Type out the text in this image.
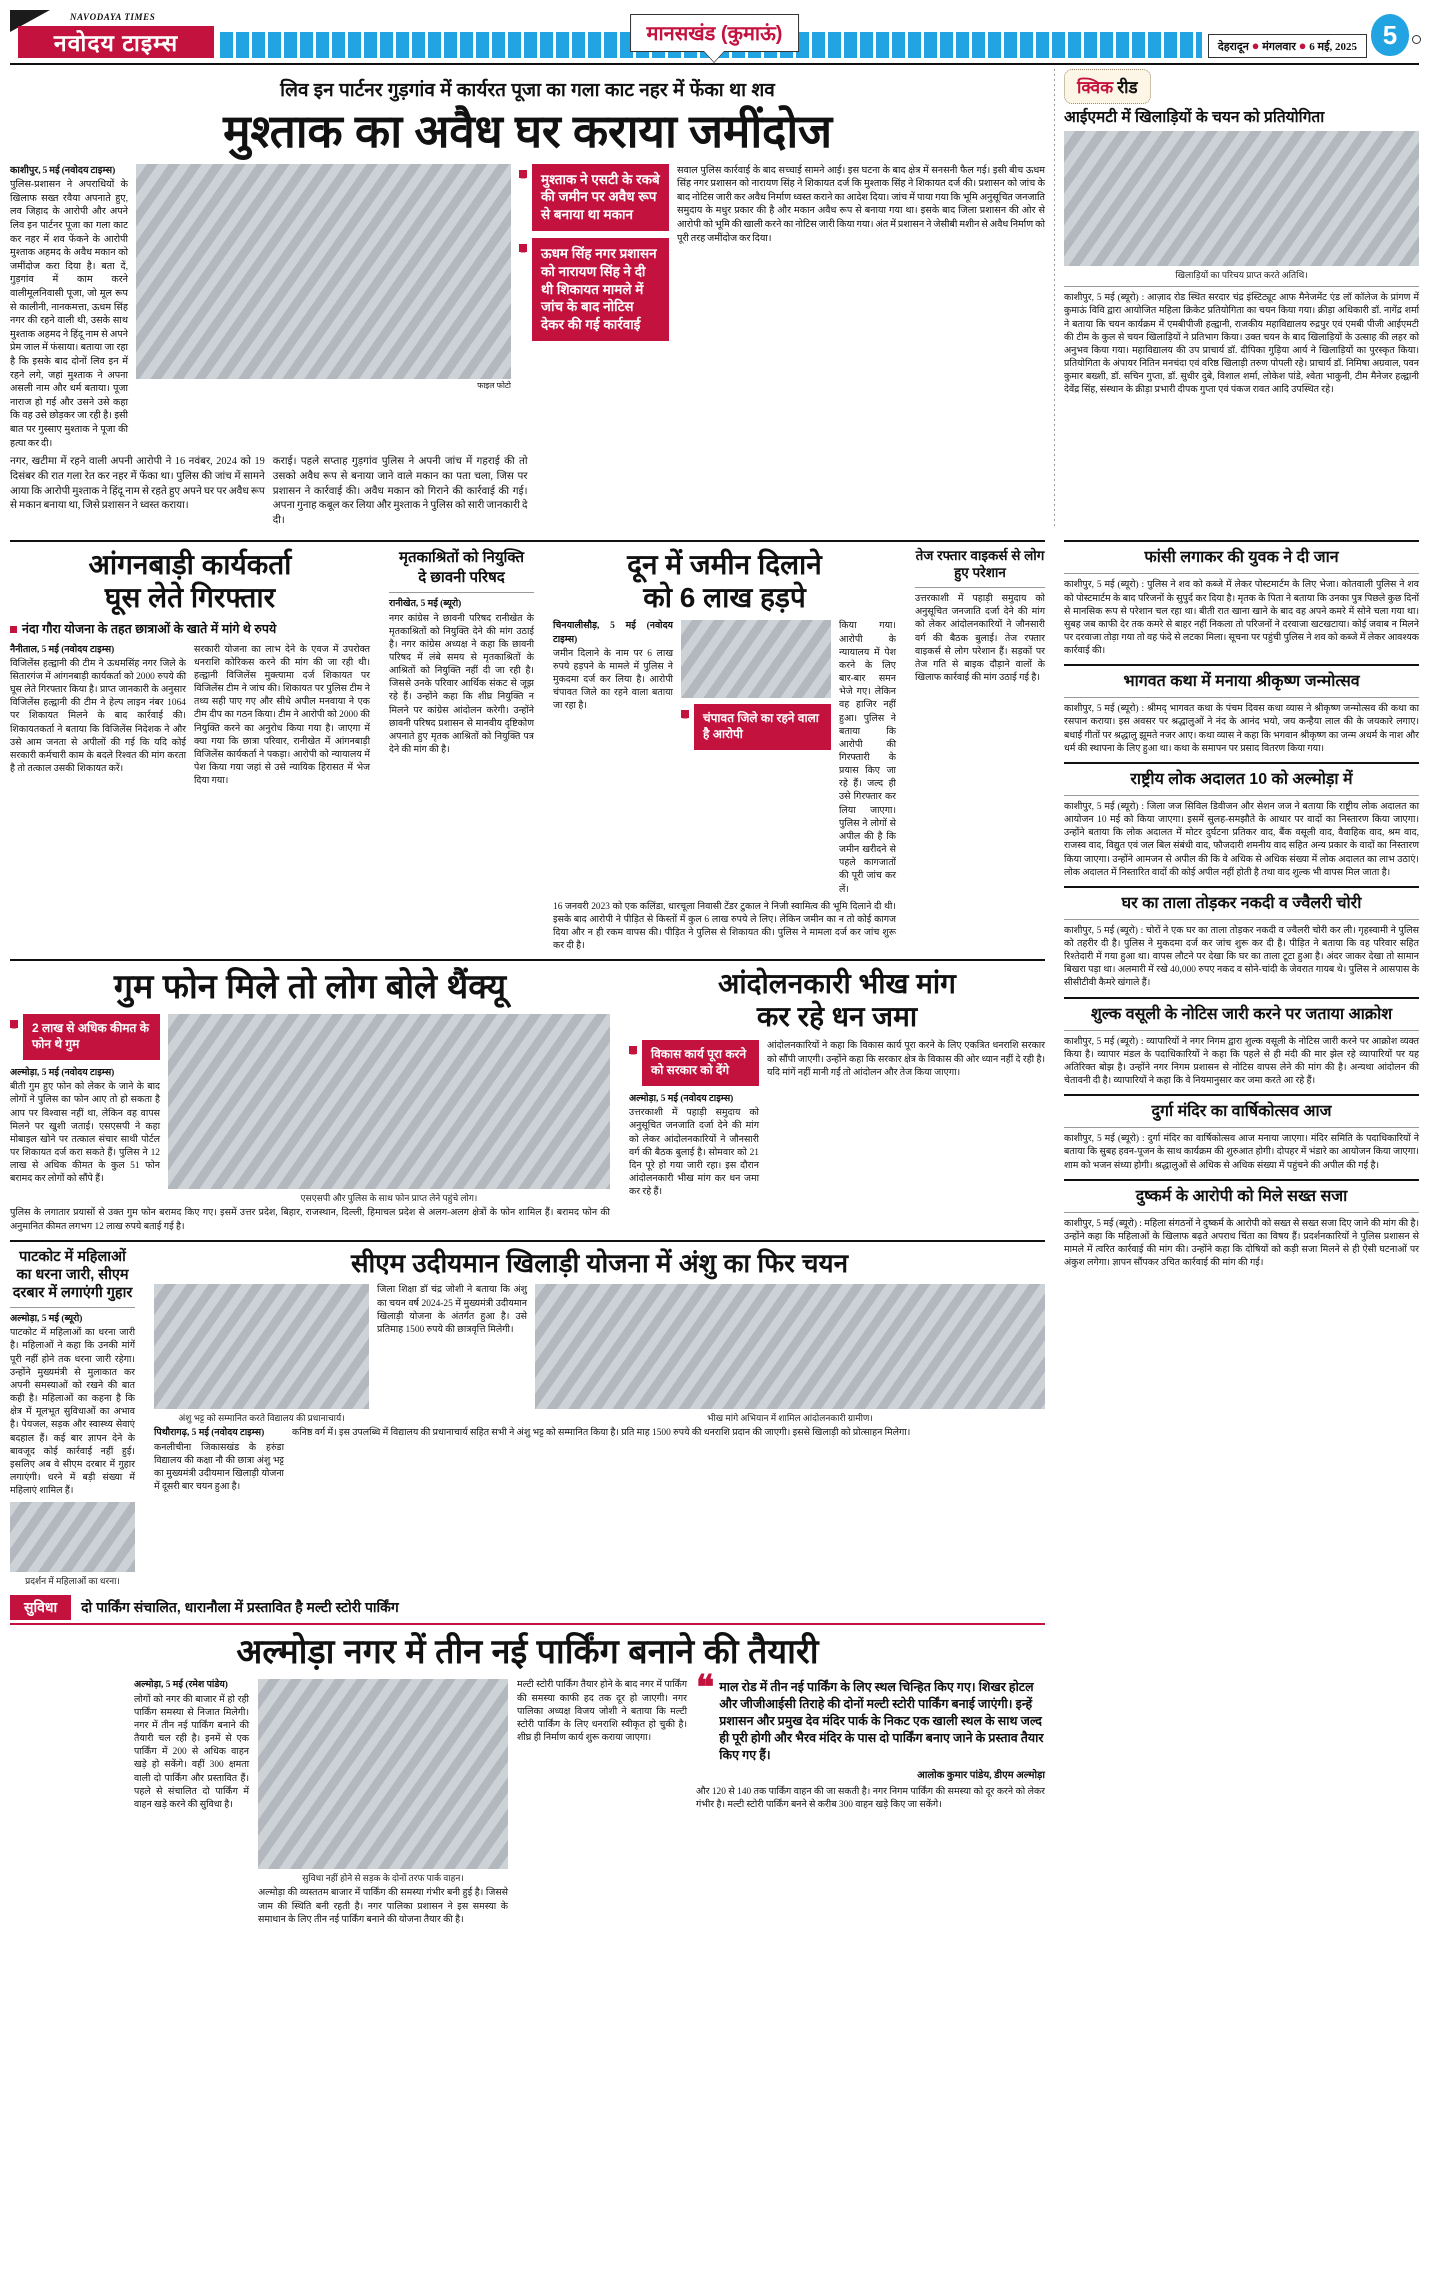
NAVODAYA TIMES
नवोदय टाइम्स	मानसखंड (कुमाऊं)
देहरादून ● मंगलवार ● 6 मई, 2025 5
लिव इन पार्टनर गुड़गांव में कार्यरत पूजा का गला काट नहर में फेंका था शव
मुश्ताक का अवैध घर कराया जमींदोज

काशीपुर, 5 मई (नवोदय टाइम्स)

पुलिस-प्रशासन ने अपराधियों के खिलाफ सख्त रवैया अपनाते हुए, लव जिहाद के आरोपी और अपने लिव इन पार्टनर पूजा का गला काट कर नहर में शव फेंकने के आरोपी मुश्ताक अहमद के अवैध मकान को जमींदोज करा दिया है। बता दें, गुड़गांव में काम करने वालीमूलनिवासी पूजा, जो मूल रूप से कालीनी, नानकमत्ता, ऊधम सिंह नगर की रहने वाली थी, उसके साथ मुश्ताक अहमद ने हिंदू नाम से अपने प्रेम जाल में फंसाया। बताया जा रहा है कि इसके बाद दोनों लिव इन में रहने लगे, जहां मुश्ताक ने अपना असली नाम और धर्म बताया। पूजा नाराज हो गई और उसने उसे कहा कि वह उसे छोड़कर जा रही है। इसी बात पर गुस्साए मुश्ताक ने पूजा की हत्या कर दी।

फाइल फोटो
■ मुश्ताक ने एसटी के रकबे की जमीन पर अवैध रूप से बनाया था मकान
■ ऊधम सिंह नगर प्रशासन को नारायण सिंह ने दी थी शिकायत मामले में जांच के बाद नोटिस देकर की गई कार्रवाई
सवाल पुलिस कार्रवाई के बाद सच्चाई सामने आई। इस घटना के बाद क्षेत्र में सनसनी फैल गई। इसी बीच ऊधम सिंह नगर प्रशासन को नारायण सिंह ने शिकायत दर्ज कि मुश्ताक सिंह ने शिकायत दर्ज की। प्रशासन को जांच के बाद नोटिस जारी कर अवैध निर्माण ध्वस्त कराने का आदेश दिया। जांच में पाया गया कि भूमि अनुसूचित जनजाति समुदाय के मधुर प्रकार की है और मकान अवैध रूप से बनाया गया था। इसके बाद जिला प्रशासन की ओर से आरोपी को भूमि की खाली करने का नोटिस जारी किया गया। अंत में प्रशासन ने जेसीबी मशीन से अवैध निर्माण को पूरी तरह जमींदोज कर दिया।
नगर, खटीमा में रहने वाली अपनी आरोपी ने 16 नवंबर, 2024 को 19 दिसंबर की रात गला रेत कर नहर में फेंका था। पुलिस की जांच में सामने आया कि आरोपी मुश्ताक ने हिंदू नाम से रहते हुए अपने घर पर अवैध रूप से मकान बनाया था, जिसे प्रशासन ने ध्वस्त कराया।
कराई। पहले सप्ताह गुड़गांव पुलिस ने अपनी जांच में गहराई की तो उसको अवैध रूप से बनाया जाने वाले मकान का पता चला, जिस पर प्रशासन ने कार्रवाई की। अवैध मकान को गिराने की कार्रवाई की गई। अपना गुनाह कबूल कर लिया और मुश्ताक ने पुलिस को सारी जानकारी दे दी।
क्विक रीड
आईएमटी में खिलाड़ियों के चयन को प्रतियोगिता
खिलाड़ियों का परिचय प्राप्त करते अतिथि।
काशीपुर, 5 मई (ब्यूरो) : आज़ाद रोड स्थित सरदार चंद्र इंस्टिट्यूट आफ मैनेजमेंट एंड लॉ कॉलेज के प्रांगण में कुमाऊं विवि द्वारा आयोजित महिला क्रिकेट प्रतियोगिता का चयन किया गया। क्रीड़ा अधिकारी डॉ. नागेंद्र शर्मा ने बताया कि चयन कार्यक्रम में एमबीपीजी हल्द्वानी, राजकीय महाविद्यालय रुद्रपुर एवं एमबी पीजी आईएमटी की टीम के कुल से चयन खिलाड़ियों ने प्रतिभाग किया। उक्त चयन के बाद खिलाड़ियों के उत्साह की लहर को अनुभव किया गया। महाविद्यालय की उप प्राचार्य डॉ. दीपिका गुड़िया आर्य ने खिलाड़ियों का पुरस्कृत किया। प्रतियोगिता के अंपायर नितिन मनचंदा एवं वरिष्ठ खिलाड़ी तरुण पोपली रहे। प्राचार्य डॉ. निमिषा अग्रवाल, पवन कुमार बख्शी, डॉ. सचिन गुप्ता, डॉ. सुधीर दुबे, विशाल शर्मा, लोकेश पांडे, श्वेता भाकुनी, टीम मैनेजर हल्द्वानी देवेंद्र सिंह, संस्थान के क्रीड़ा प्रभारी दीपक गुप्ता एवं पंकज रावत आदि उपस्थित रहे।
आंगनबाड़ी कार्यकर्ता
घूस लेते गिरफ्तार
नंदा गौरा योजना के तहत छात्राओं के खाते में मांगे थे रुपये

नैनीताल, 5 मई (नवोदय टाइम्स)

विजिलेंस हल्द्वानी की टीम ने ऊधमसिंह नगर जिले के सितारगंज में आंगनबाड़ी कार्यकर्ता को 2000 रुपये की घूस लेते गिरफ्तार किया है। प्राप्त जानकारी के अनुसार विजिलेंस हल्द्वानी की टीम ने हेल्प लाइन नंबर 1064 पर शिकायत मिलने के बाद कार्रवाई की। शिकायतकर्ता ने बताया कि विजिलेंस निदेशक ने और उसे आम जनता से अपीलों की गई कि यदि कोई सरकारी कर्मचारी काम के बदले रिश्वत की मांग करता है तो तत्काल उसकी शिकायत करें।

सरकारी योजना का लाभ देने के एवज में उपरोक्त धनराशि कोरिकस करने की मांग की जा रही थी। हल्द्वानी विजिलेंस मुक्त्यामा दर्ज शिकायत पर विजिलेंस टीम ने जांच की। शिकायत पर पुलिस टीम ने तथ्य सही पाए गए और सीधे अपील मनवाया ने एक टीम दीप का गठन किया। टीम ने आरोपी को 2000 की नियुक्ति करने का अनुरोध किया गया है। जाएगा में क्या गया कि छात्रा परिवार, रानीखेत में आंगनबाड़ी विजिलेंस कार्यकर्ता ने पकड़ा। आरोपी को न्यायालय में पेश किया गया जहां से उसे न्यायिक हिरासत में भेज दिया गया।
मृतकाश्रितों को नियुक्ति
दे छावनी परिषद

रानीखेत, 5 मई (ब्यूरो)

नगर कांग्रेस ने छावनी परिषद रानीखेत के मृतकाश्रितों को नियुक्ति देने की मांग उठाई है। नगर कांग्रेस अध्यक्ष ने कहा कि छावनी परिषद में लंबे समय से मृतकाश्रितों के आश्रितों को नियुक्ति नहीं दी जा रही है। जिससे उनके परिवार आर्थिक संकट से जूझ रहे हैं। उन्होंने कहा कि शीघ्र नियुक्ति न मिलने पर कांग्रेस आंदोलन करेगी। उन्होंने छावनी परिषद प्रशासन से मानवीय दृष्टिकोण अपनाते हुए मृतक आश्रितों को नियुक्ति पत्र देने की मांग की है।

दून में जमीन दिलाने
को 6 लाख हड़पे

चिनयालीसौड़, 5 मई (नवोदय टाइम्स)

जमीन दिलाने के नाम पर 6 लाख रुपये हड़पने के मामले में पुलिस ने मुकदमा दर्ज कर लिया है। आरोपी चंपावत जिले का रहने वाला बताया जा रहा है।

■ चंपावत जिले का रहने वाला है आरोपी
किया गया। आरोपी के न्यायालय में पेश करने के लिए बार-बार समन भेजे गए। लेकिन वह हाजिर नहीं हुआ। पुलिस ने बताया कि आरोपी की गिरफ्तारी के प्रयास किए जा रहे हैं। जल्द ही उसे गिरफ्तार कर लिया जाएगा। पुलिस ने लोगों से अपील की है कि जमीन खरीदने से पहले कागजातों की पूरी जांच कर लें।
16 जनवरी 2023 को एक कलिंडा, धारचूला निवासी टेंडर टुकाल ने निजी स्वामित्व की भूमि दिलाने दी थी। इसके बाद आरोपी ने पीड़ित से किस्तों में कुल 6 लाख रुपये ले लिए। लेकिन जमीन का न तो कोई कागज दिया और न ही रकम वापस की। पीड़ित ने पुलिस से शिकायत की। पुलिस ने मामला दर्ज कर जांच शुरू कर दी है।
तेज रफ्तार वाइकर्स से लोग हुए परेशान
उत्तरकाशी में पहाड़ी समुदाय को अनुसूचित जनजाति दर्जा देने की मांग को लेकर आंदोलनकारियों ने जौनसारी वर्ग की बैठक बुलाई। तेज रफ्तार वाइकर्स से लोग परेशान हैं। सड़कों पर तेज गति से बाइक दौड़ाने वालों के खिलाफ कार्रवाई की मांग उठाई गई है।
गुम फोन मिले तो लोग बोले थैंक्यू
■ 2 लाख से अधिक कीमत के फोन थे गुम

अल्मोड़ा, 5 मई (नवोदय टाइम्स)

बीती गुम हुए फोन को लेकर के जाने के बाद लोगों ने पुलिस का फोन आए तो हो सकता है आप पर विश्वास नहीं था, लेकिन वह वापस मिलने पर खुशी जताई। एसएसपी ने कहा मोबाइल खोने पर तत्काल संचार साथी पोर्टल पर शिकायत दर्ज करा सकते हैं। पुलिस ने 12 लाख से अधिक कीमत के कुल 51 फोन बरामद कर लोगों को सौंपे हैं।

एसएसपी और पुलिस के साथ फोन प्राप्त लेने पहुंचे लोग।
पुलिस के लगातार प्रयासों से उक्त गुम फोन बरामद किए गए। इसमें उत्तर प्रदेश, बिहार, राजस्थान, दिल्ली, हिमाचल प्रदेश से अलग-अलग क्षेत्रों के फोन शामिल हैं। बरामद फोन की अनुमानित कीमत लगभग 12 लाख रुपये बताई गई है।
आंदोलनकारी भीख मांग
कर रहे धन जमा
■ विकास कार्य पूरा करने को सरकार को देंगे

अल्मोड़ा, 5 मई (नवोदय टाइम्स)

उत्तरकाशी में पहाड़ी समुदाय को अनुसूचित जनजाति दर्जा देने की मांग को लेकर आंदोलनकारियों ने जौनसारी वर्ग की बैठक बुलाई है। सोमवार को 21 दिन पूरे हो गया जारी रहा। इस दौरान आंदोलनकारी भीख मांग कर धन जमा कर रहे हैं।

आंदोलनकारियों ने कहा कि विकास कार्य पूरा करने के लिए एकत्रित धनराशि सरकार को सौंपी जाएगी। उन्होंने कहा कि सरकार क्षेत्र के विकास की ओर ध्यान नहीं दे रही है। यदि मांगें नहीं मानी गईं तो आंदोलन और तेज किया जाएगा।
पाटकोट में महिलाओं
का धरना जारी, सीएम
दरबार में लगाएंगी गुहार

अल्मोड़ा, 5 मई (ब्यूरो)

पाटकोट में महिलाओं का धरना जारी है। महिलाओं ने कहा कि उनकी मांगें पूरी नहीं होने तक धरना जारी रहेगा। उन्होंने मुख्यमंत्री से मुलाकात कर अपनी समस्याओं को रखने की बात कही है। महिलाओं का कहना है कि क्षेत्र में मूलभूत सुविधाओं का अभाव है। पेयजल, सड़क और स्वास्थ्य सेवाएं बदहाल हैं। कई बार ज्ञापन देने के बावजूद कोई कार्रवाई नहीं हुई। इसलिए अब वे सीएम दरबार में गुहार लगाएंगी। धरने में बड़ी संख्या में महिलाएं शामिल हैं।

प्रदर्शन में महिलाओं का धरना।
सीएम उदीयमान खिलाड़ी योजना में अंशु का फिर चयन
अंशु भट्ट को सम्मानित करते विद्यालय की प्रधानाचार्य।
जिला शिक्षा डॉ चंद्र जोशी ने बताया कि अंशु का चयन वर्ष 2024-25 में मुख्यमंत्री उदीयमान खिलाड़ी योजना के अंतर्गत हुआ है। उसे प्रतिमाह 1500 रुपये की छात्रवृत्ति मिलेगी।
भीख मांगे अभियान में शामिल आंदोलनकारी ग्रामीण।

पिथौरागढ़, 5 मई (नवोदय टाइम्स)

कनलीचीना जिकासखंड के हरुंडा विद्यालय की कक्षा नौ की छात्रा अंशु भट्ट का मुख्यमंत्री उदीयमान खिलाड़ी योजना में दूसरी बार चयन हुआ है।

कनिष्ठ वर्ग में। इस उपलब्धि में विद्यालय की प्रधानाचार्य सहित सभी ने अंशु भट्ट को सम्मानित किया है। प्रति माह 1500 रुपये की धनराशि प्रदान की जाएगी। इससे खिलाड़ी को प्रोत्साहन मिलेगा।
सुविधा	दो पार्किंग संचालित, धारानौला में प्रस्तावित है मल्टी स्टोरी पार्किंग
अल्मोड़ा नगर में तीन नई पार्किंग बनाने की तैयारी

अल्मोड़ा, 5 मई (रमेश पांडेय)

लोगों को नगर की बाजार में हो रही पार्किंग समस्या से निजात मिलेगी। नगर में तीन नई पार्किंग बनाने की तैयारी चल रही है। इनमें से एक पार्किंग में 200 से अधिक वाहन खड़े हो सकेंगे। वहीं 300 क्षमता वाली दो पार्किंग और प्रस्तावित हैं। पहले से संचालित दो पार्किंग में वाहन खड़े करने की सुविधा है।

सुविधा नहीं होने से सड़क के दोनों तरफ पार्क वाहन।
अल्मोड़ा की व्यस्ततम बाजार में पार्किंग की समस्या गंभीर बनी हुई है। जिससे जाम की स्थिति बनी रहती है। नगर पालिका प्रशासन ने इस समस्या के समाधान के लिए तीन नई पार्किंग बनाने की योजना तैयार की है।
मल्टी स्टोरी पार्किंग तैयार होने के बाद नगर में पार्किंग की समस्या काफी हद तक दूर हो जाएगी। नगर पालिका अध्यक्ष विजय जोशी ने बताया कि मल्टी स्टोरी पार्किंग के लिए धनराशि स्वीकृत हो चुकी है। शीघ्र ही निर्माण कार्य शुरू कराया जाएगा।
❝ माल रोड में तीन नई पार्किंग के लिए स्थल चिन्हित किए गए। शिखर होटल और जीजीआईसी तिराहे की दोनों मल्टी स्टोरी पार्किंग बनाई जाएंगी। इन्हें प्रशासन और प्रमुख देव मंदिर पार्क के निकट एक खाली स्थल के साथ जल्द ही पूरी होगी और भैरव मंदिर के पास दो पार्किंग बनाए जाने के प्रस्ताव तैयार किए गए हैं।
आलोक कुमार पांडेय, डीएम अल्मोड़ा
और 120 से 140 तक पार्किंग वाहन की जा सकती है। नगर निगम पार्किंग की समस्या को दूर करने को लेकर गंभीर है। मल्टी स्टोरी पार्किंग बनने से करीब 300 वाहन खड़े किए जा सकेंगे।
फांसी लगाकर की युवक ने दी जान
काशीपुर, 5 मई (ब्यूरो) : पुलिस ने शव को कब्जे में लेकर पोस्टमार्टम के लिए भेजा। कोतवाली पुलिस ने शव को पोस्टमार्टम के बाद परिजनों के सुपुर्द कर दिया है। मृतक के पिता ने बताया कि उनका पुत्र पिछले कुछ दिनों से मानसिक रूप से परेशान चल रहा था। बीती रात खाना खाने के बाद वह अपने कमरे में सोने चला गया था। सुबह जब काफी देर तक कमरे से बाहर नहीं निकला तो परिजनों ने दरवाजा खटखटाया। कोई जवाब न मिलने पर दरवाजा तोड़ा गया तो वह फंदे से लटका मिला। सूचना पर पहुंची पुलिस ने शव को कब्जे में लेकर आवश्यक कार्रवाई की।
भागवत कथा में मनाया श्रीकृष्ण जन्मोत्सव
काशीपुर, 5 मई (ब्यूरो) : श्रीमद् भागवत कथा के पंचम दिवस कथा व्यास ने श्रीकृष्ण जन्मोत्सव की कथा का रसपान कराया। इस अवसर पर श्रद्धालुओं ने नंद के आनंद भयो, जय कन्हैया लाल की के जयकारे लगाए। बधाई गीतों पर श्रद्धालु झूमते नजर आए। कथा व्यास ने कहा कि भगवान श्रीकृष्ण का जन्म अधर्म के नाश और धर्म की स्थापना के लिए हुआ था। कथा के समापन पर प्रसाद वितरण किया गया।
राष्ट्रीय लोक अदालत 10 को अल्मोड़ा में
काशीपुर, 5 मई (ब्यूरो) : जिला जज सिविल डिवीजन और सेशन जज ने बताया कि राष्ट्रीय लोक अदालत का आयोजन 10 मई को किया जाएगा। इसमें सुलह-समझौते के आधार पर वादों का निस्तारण किया जाएगा। उन्होंने बताया कि लोक अदालत में मोटर दुर्घटना प्रतिकर वाद, बैंक वसूली वाद, वैवाहिक वाद, श्रम वाद, राजस्व वाद, विद्युत एवं जल बिल संबंधी वाद, फौजदारी शमनीय वाद सहित अन्य प्रकार के वादों का निस्तारण किया जाएगा। उन्होंने आमजन से अपील की कि वे अधिक से अधिक संख्या में लोक अदालत का लाभ उठाएं। लोक अदालत में निस्तारित वादों की कोई अपील नहीं होती है तथा वाद शुल्क भी वापस मिल जाता है।
घर का ताला तोड़कर नकदी व ज्वैलरी चोरी
काशीपुर, 5 मई (ब्यूरो) : चोरों ने एक घर का ताला तोड़कर नकदी व ज्वैलरी चोरी कर ली। गृहस्वामी ने पुलिस को तहरीर दी है। पुलिस ने मुकदमा दर्ज कर जांच शुरू कर दी है। पीड़ित ने बताया कि वह परिवार सहित रिश्तेदारी में गया हुआ था। वापस लौटने पर देखा कि घर का ताला टूटा हुआ है। अंदर जाकर देखा तो सामान बिखरा पड़ा था। अलमारी में रखे 40,000 रुपए नकद व सोने-चांदी के जेवरात गायब थे। पुलिस ने आसपास के सीसीटीवी कैमरे खंगाले हैं।
शुल्क वसूली के नोटिस जारी करने पर जताया आक्रोश
काशीपुर, 5 मई (ब्यूरो) : व्यापारियों ने नगर निगम द्वारा शुल्क वसूली के नोटिस जारी करने पर आक्रोश व्यक्त किया है। व्यापार मंडल के पदाधिकारियों ने कहा कि पहले से ही मंदी की मार झेल रहे व्यापारियों पर यह अतिरिक्त बोझ है। उन्होंने नगर निगम प्रशासन से नोटिस वापस लेने की मांग की है। अन्यथा आंदोलन की चेतावनी दी है। व्यापारियों ने कहा कि वे नियमानुसार कर जमा करते आ रहे हैं।
दुर्गा मंदिर का वार्षिकोत्सव आज
काशीपुर, 5 मई (ब्यूरो) : दुर्गा मंदिर का वार्षिकोत्सव आज मनाया जाएगा। मंदिर समिति के पदाधिकारियों ने बताया कि सुबह हवन-पूजन के साथ कार्यक्रम की शुरुआत होगी। दोपहर में भंडारे का आयोजन किया जाएगा। शाम को भजन संध्या होगी। श्रद्धालुओं से अधिक से अधिक संख्या में पहुंचने की अपील की गई है।
दुष्कर्म के आरोपी को मिले सख्त सजा
काशीपुर, 5 मई (ब्यूरो) : महिला संगठनों ने दुष्कर्म के आरोपी को सख्त से सख्त सजा दिए जाने की मांग की है। उन्होंने कहा कि महिलाओं के खिलाफ बढ़ते अपराध चिंता का विषय हैं। प्रदर्शनकारियों ने पुलिस प्रशासन से मामले में त्वरित कार्रवाई की मांग की। उन्होंने कहा कि दोषियों को कड़ी सजा मिलने से ही ऐसी घटनाओं पर अंकुश लगेगा। ज्ञापन सौंपकर उचित कार्रवाई की मांग की गई।
